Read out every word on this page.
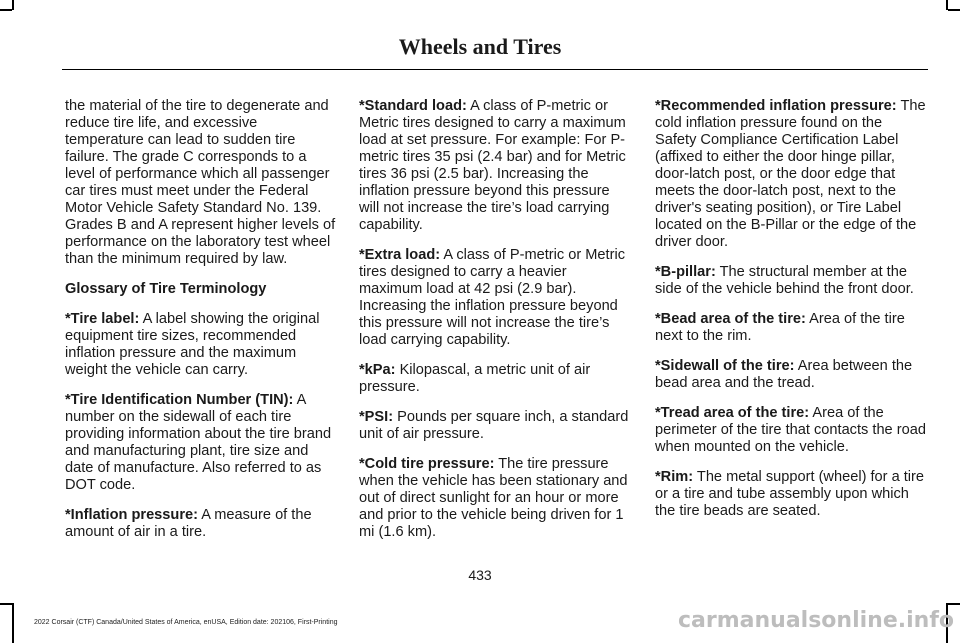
Wheels and Tires

the material of the tire to degenerate and reduce tire life, and excessive temperature can lead to sudden tire failure. The grade C corresponds to a level of performance which all passenger car tires must meet under the Federal Motor Vehicle Safety Standard No. 139. Grades B and A represent higher levels of performance on the laboratory test wheel than the minimum required by law.

Glossary of Tire Terminology

*Tire label: A label showing the original equipment tire sizes, recommended inflation pressure and the maximum weight the vehicle can carry.

*Tire Identification Number (TIN): A number on the sidewall of each tire providing information about the tire brand and manufacturing plant, tire size and date of manufacture. Also referred to as DOT code.

*Inflation pressure: A measure of the amount of air in a tire.

*Standard load: A class of P-metric or Metric tires designed to carry a maximum load at set pressure. For example: For P-metric tires 35 psi (2.4 bar) and for Metric tires 36 psi (2.5 bar). Increasing the inflation pressure beyond this pressure will not increase the tire’s load carrying capability.

*Extra load: A class of P-metric or Metric tires designed to carry a heavier maximum load at 42 psi (2.9 bar). Increasing the inflation pressure beyond this pressure will not increase the tire’s load carrying capability.

*kPa: Kilopascal, a metric unit of air pressure.

*PSI: Pounds per square inch, a standard unit of air pressure.

*Cold tire pressure: The tire pressure when the vehicle has been stationary and out of direct sunlight for an hour or more and prior to the vehicle being driven for 1 mi (1.6 km).

*Recommended inflation pressure: The cold inflation pressure found on the Safety Compliance Certification Label (affixed to either the door hinge pillar, door-latch post, or the door edge that meets the door-latch post, next to the driver's seating position), or Tire Label located on the B-Pillar or the edge of the driver door.

*B-pillar: The structural member at the side of the vehicle behind the front door.

*Bead area of the tire: Area of the tire next to the rim.

*Sidewall of the tire: Area between the bead area and the tread.

*Tread area of the tire: Area of the perimeter of the tire that contacts the road when mounted on the vehicle.

*Rim: The metal support (wheel) for a tire or a tire and tube assembly upon which the tire beads are seated.

433
2022 Corsair (CTF) Canada/United States of America, enUSA, Edition date: 202106, First-Printing	carmanualsonline.info
